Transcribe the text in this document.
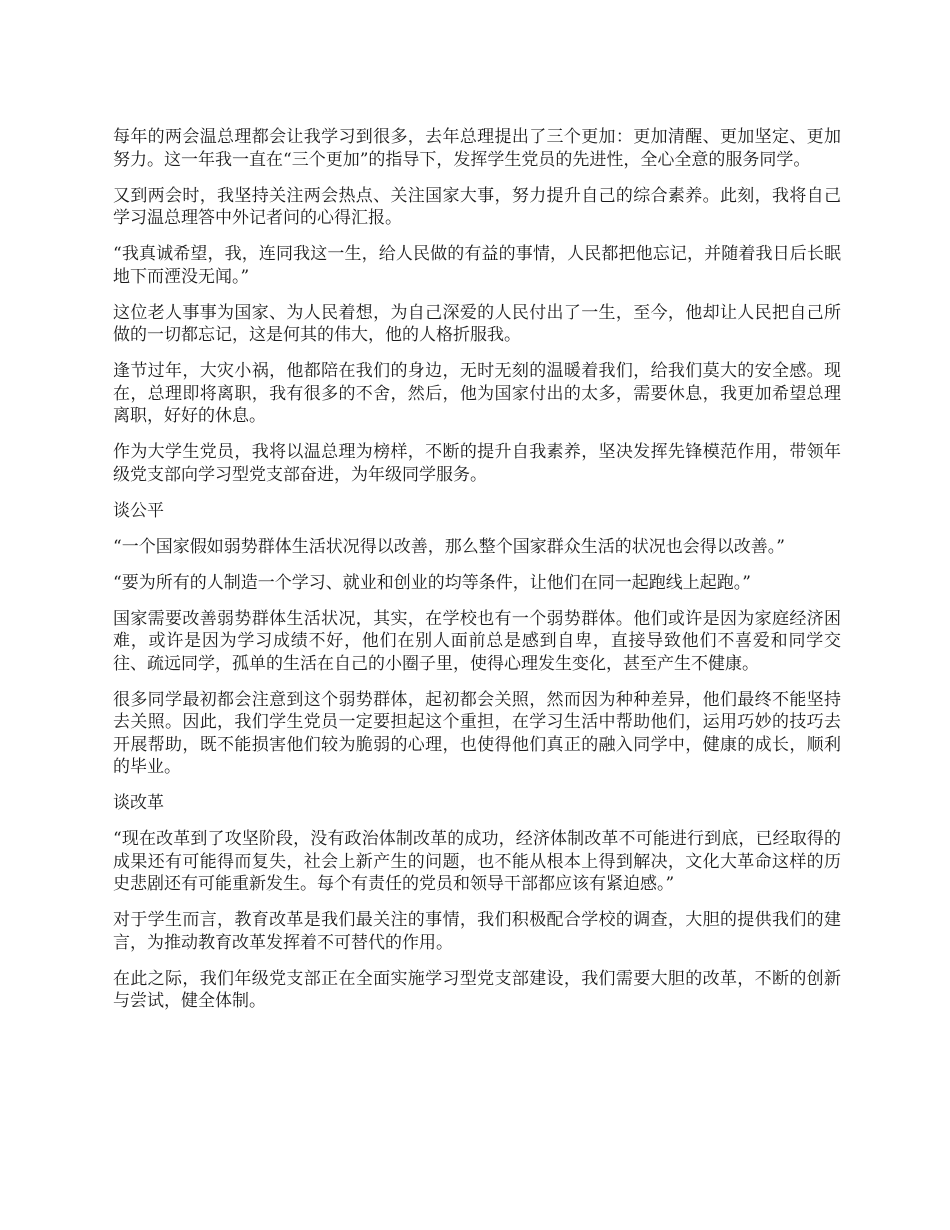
每年的两会温总理都会让我学习到很多，去年总理提出了三个更加：更加清醒、更加坚定、更加努力。这一年我一直在“三个更加”的指导下，发挥学生党员的先进性，全心全意的服务同学。

又到两会时，我坚持关注两会热点、关注国家大事，努力提升自己的综合素养。此刻，我将自己学习温总理答中外记者问的心得汇报。

“我真诚希望，我，连同我这一生，给人民做的有益的事情，人民都把他忘记，并随着我日后长眠地下而湮没无闻。”

这位老人事事为国家、为人民着想，为自己深爱的人民付出了一生，至今，他却让人民把自己所做的一切都忘记，这是何其的伟大，他的人格折服我。

逢节过年，大灾小祸，他都陪在我们的身边，无时无刻的温暖着我们，给我们莫大的安全感。现在，总理即将离职，我有很多的不舍，然后，他为国家付出的太多，需要休息，我更加希望总理离职，好好的休息。

作为大学生党员，我将以温总理为榜样，不断的提升自我素养，坚决发挥先锋模范作用，带领年级党支部向学习型党支部奋进，为年级同学服务。

谈公平

“一个国家假如弱势群体生活状况得以改善，那么整个国家群众生活的状况也会得以改善。”

“要为所有的人制造一个学习、就业和创业的均等条件，让他们在同一起跑线上起跑。”

国家需要改善弱势群体生活状况，其实，在学校也有一个弱势群体。他们或许是因为家庭经济困难，或许是因为学习成绩不好，他们在别人面前总是感到自卑，直接导致他们不喜爱和同学交往、疏远同学，孤单的生活在自己的小圈子里，使得心理发生变化，甚至产生不健康。

很多同学最初都会注意到这个弱势群体，起初都会关照，然而因为种种差异，他们最终不能坚持去关照。因此，我们学生党员一定要担起这个重担，在学习生活中帮助他们，运用巧妙的技巧去开展帮助，既不能损害他们较为脆弱的心理，也使得他们真正的融入同学中，健康的成长，顺利的毕业。

谈改革

“现在改革到了攻坚阶段，没有政治体制改革的成功，经济体制改革不可能进行到底，已经取得的成果还有可能得而复失，社会上新产生的问题，也不能从根本上得到解决，文化大革命这样的历史悲剧还有可能重新发生。每个有责任的党员和领导干部都应该有紧迫感。”

对于学生而言，教育改革是我们最关注的事情，我们积极配合学校的调查，大胆的提供我们的建言，为推动教育改革发挥着不可替代的作用。

在此之际，我们年级党支部正在全面实施学习型党支部建设，我们需要大胆的改革，不断的创新与尝试，健全体制。
